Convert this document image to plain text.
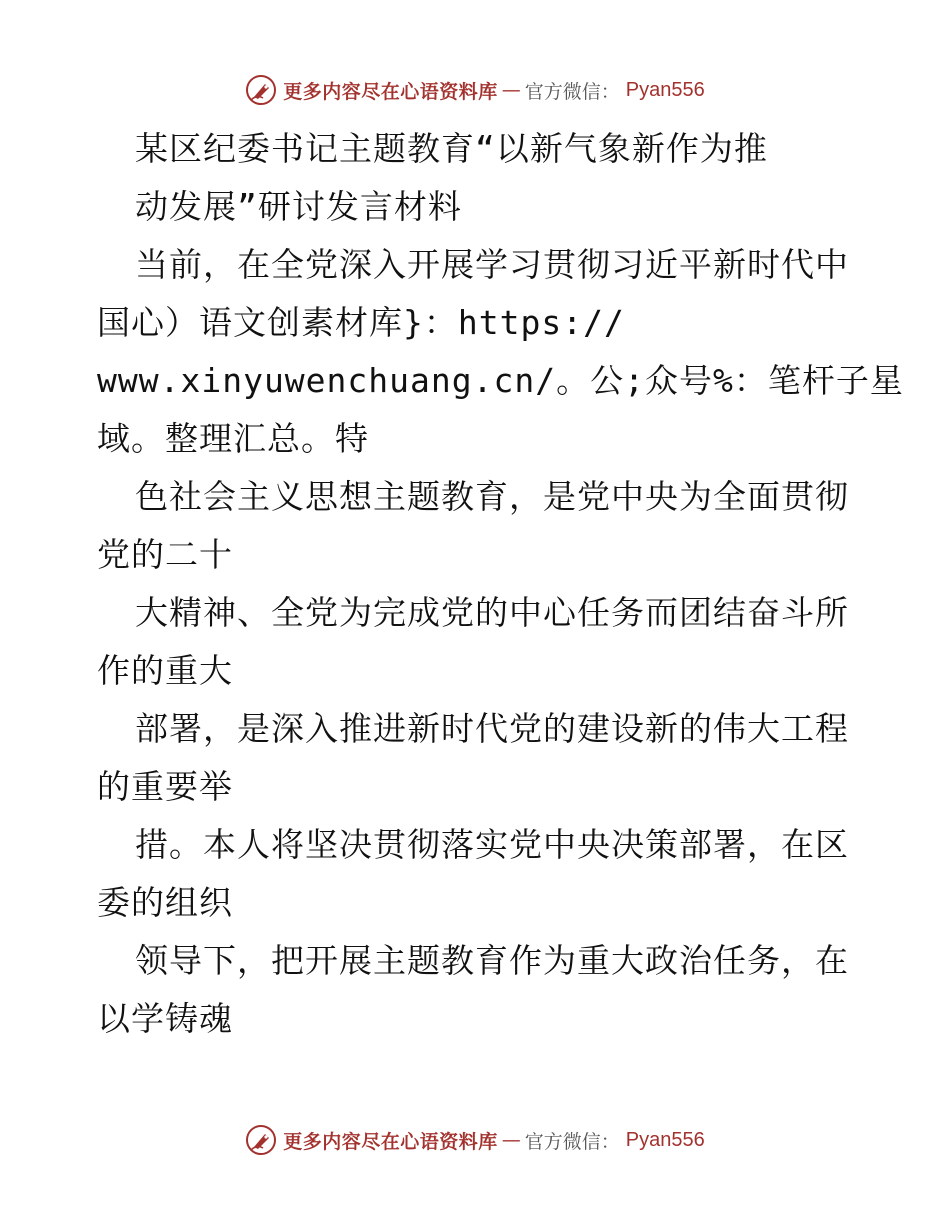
更多内容尽在心语资料库 — 官方微信： Pyan556
某区纪委书记主题教育“以新气象新作为推
动发展”研讨发言材料
当前，在全党深入开展学习贯彻习近平新时代中
国心）语文创素材库}：https://
www.xinyuwenchuang.cn/。公;众号%：笔杆子星
域。整理汇总。特
色社会主义思想主题教育，是党中央为全面贯彻
党的二十
大精神、全党为完成党的中心任务而团结奋斗所
作的重大
部署，是深入推进新时代党的建设新的伟大工程
的重要举
措。本人将坚决贯彻落实党中央决策部署，在区
委的组织
领导下，把开展主题教育作为重大政治任务，在
以学铸魂
更多内容尽在心语资料库 — 官方微信： Pyan556
